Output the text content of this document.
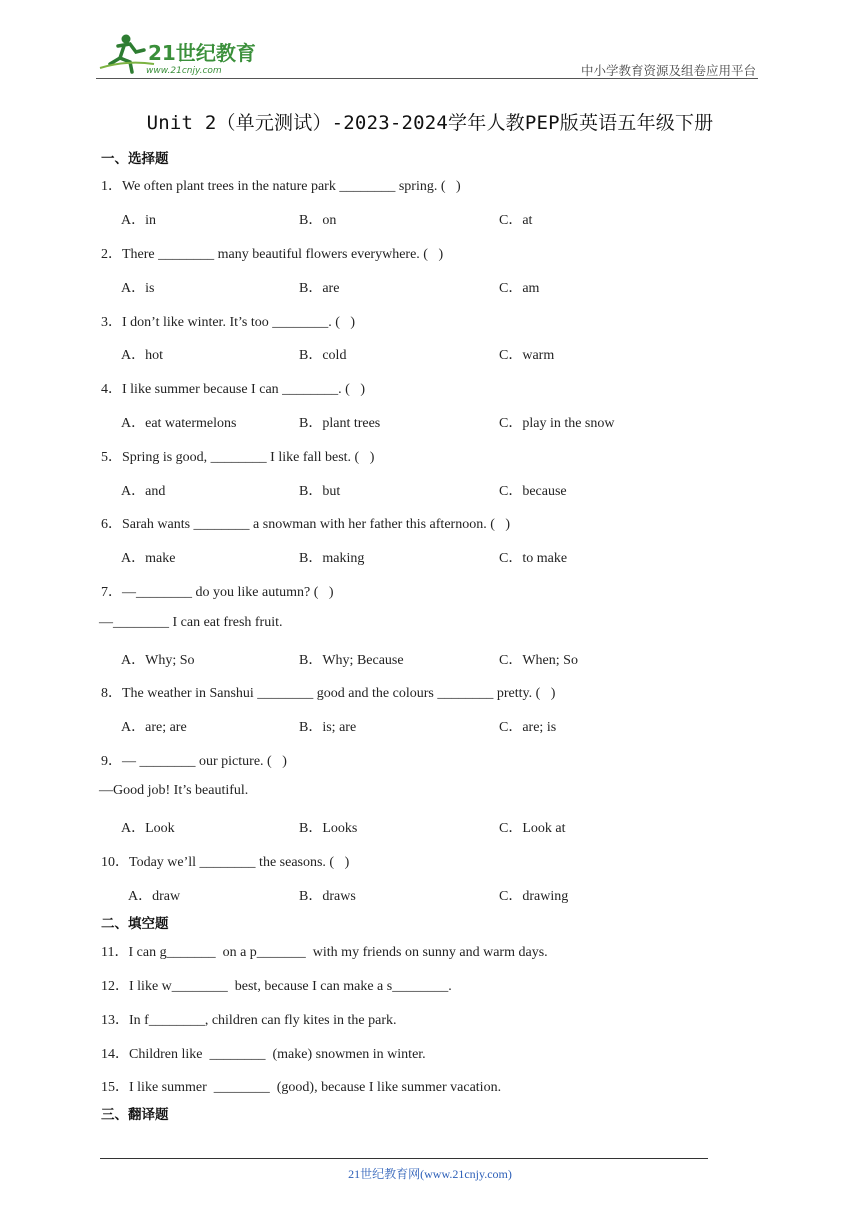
21世纪教育
www.21cnjy.com	中小学教育资源及组卷应用平台
Unit 2（单元测试）-2023-2024学年人教PEP版英语五年级下册
一、选择题
1．We often plant trees in the nature park ________ spring. (   )
A．in	B．on	C．at
2．There ________ many beautiful flowers everywhere. (   )
A．is	B．are	C．am
3．I don’t like winter. It’s too ________. (   )
A．hot	B．cold	C．warm
4．I like summer because I can ________. (   )
A．eat watermelons	B．plant trees	C．play in the snow
5．Spring is good, ________ I like fall best. (   )
A．and	B．but	C．because
6．Sarah wants ________ a snowman with her father this afternoon. (   )
A．make	B．making	C．to make
7．—________ do you like autumn? (   )
—________ I can eat fresh fruit.
A．Why; So	B．Why; Because	C．When; So
8．The weather in Sanshui ________ good and the colours ________ pretty. (   )
A．are; are	B．is; are	C．are; is
9．— ________ our picture. (   )
—Good job! It’s beautiful.
A．Look	B．Looks	C．Look at
10．Today we’ll ________ the seasons. (   )
A．draw	B．draws	C．drawing
二、填空题
11．I can g_______  on a p_______  with my friends on sunny and warm days.
12．I like w________  best, because I can make a s________.
13．In f________, children can fly kites in the park.
14．Children like  ________  (make) snowmen in winter.
15．I like summer  ________  (good), because I like summer vacation.
三、翻译题
21世纪教育网(www.21cnjy.com)
